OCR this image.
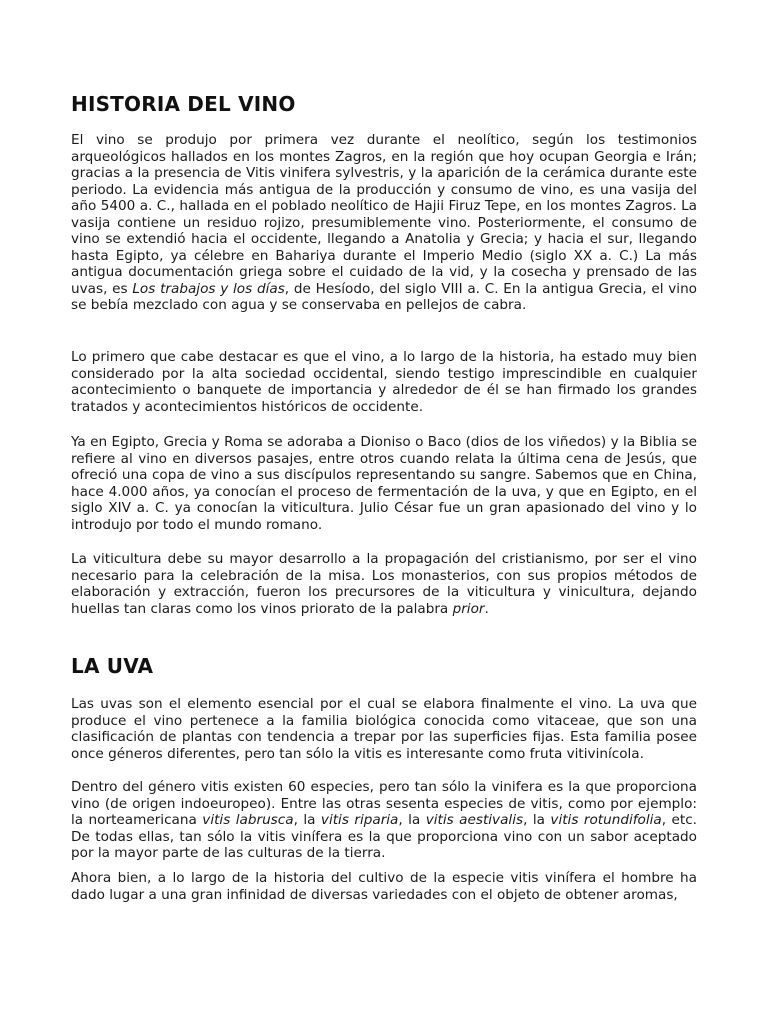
HISTORIA DEL VINO

El vino se produjo por primera vez durante el neolítico, según los testimonios arqueológicos hallados en los montes Zagros, en la región que hoy ocupan Georgia e Irán; gracias a la presencia de Vitis vinifera sylvestris, y la aparición de la cerámica durante este periodo. La evidencia más antigua de la producción y consumo de vino, es una vasija del año 5400 a. C., hallada en el poblado neolítico de Hajii Firuz Tepe, en los montes Zagros. La vasija contiene un residuo rojizo, presumiblemente vino. Posteriormente, el consumo de vino se extendió hacia el occidente, llegando a Anatolia y Grecia; y hacia el sur, llegando hasta Egipto, ya célebre en Bahariya durante el Imperio Medio (siglo XX a. C.) La más antigua documentación griega sobre el cuidado de la vid, y la cosecha y prensado de las uvas, es Los trabajos y los días, de Hesíodo, del siglo VIII a. C. En la antigua Grecia, el vino se bebía mezclado con agua y se conservaba en pellejos de cabra.

Lo primero que cabe destacar es que el vino, a lo largo de la historia, ha estado muy bien considerado por la alta sociedad occidental, siendo testigo imprescindible en cualquier acontecimiento o banquete de importancia y alrededor de él se han firmado los grandes tratados y acontecimientos históricos de occidente.

Ya en Egipto, Grecia y Roma se adoraba a Dioniso o Baco (dios de los viñedos) y la Biblia se refiere al vino en diversos pasajes, entre otros cuando relata la última cena de Jesús, que ofreció una copa de vino a sus discípulos representando su sangre. Sabemos que en China, hace 4.000 años, ya conocían el proceso de fermentación de la uva, y que en Egipto, en el siglo XIV a. C. ya conocían la viticultura. Julio César fue un gran apasionado del vino y lo introdujo por todo el mundo romano.

La viticultura debe su mayor desarrollo a la propagación del cristianismo, por ser el vino necesario para la celebración de la misa. Los monasterios, con sus propios métodos de elaboración y extracción, fueron los precursores de la viticultura y vinicultura, dejando huellas tan claras como los vinos priorato de la palabra prior.

LA UVA

Las uvas son el elemento esencial por el cual se elabora finalmente el vino. La uva que produce el vino pertenece a la familia biológica conocida como vitaceae, que son una clasificación de plantas con tendencia a trepar por las superficies fijas. Esta familia posee once géneros diferentes, pero tan sólo la vitis es interesante como fruta vitivinícola.

Dentro del género vitis existen 60 especies, pero tan sólo la vinifera es la que proporciona vino (de origen indoeuropeo). Entre las otras sesenta especies de vitis, como por ejemplo: la norteamericana vitis labrusca, la vitis riparia, la vitis aestivalis, la vitis rotundifolia, etc. De todas ellas, tan sólo la vitis vinífera es la que proporciona vino con un sabor aceptado por la mayor parte de las culturas de la tierra.

Ahora bien, a lo largo de la historia del cultivo de la especie vitis vinífera el hombre ha dado lugar a una gran infinidad de diversas variedades con el objeto de obtener aromas,
